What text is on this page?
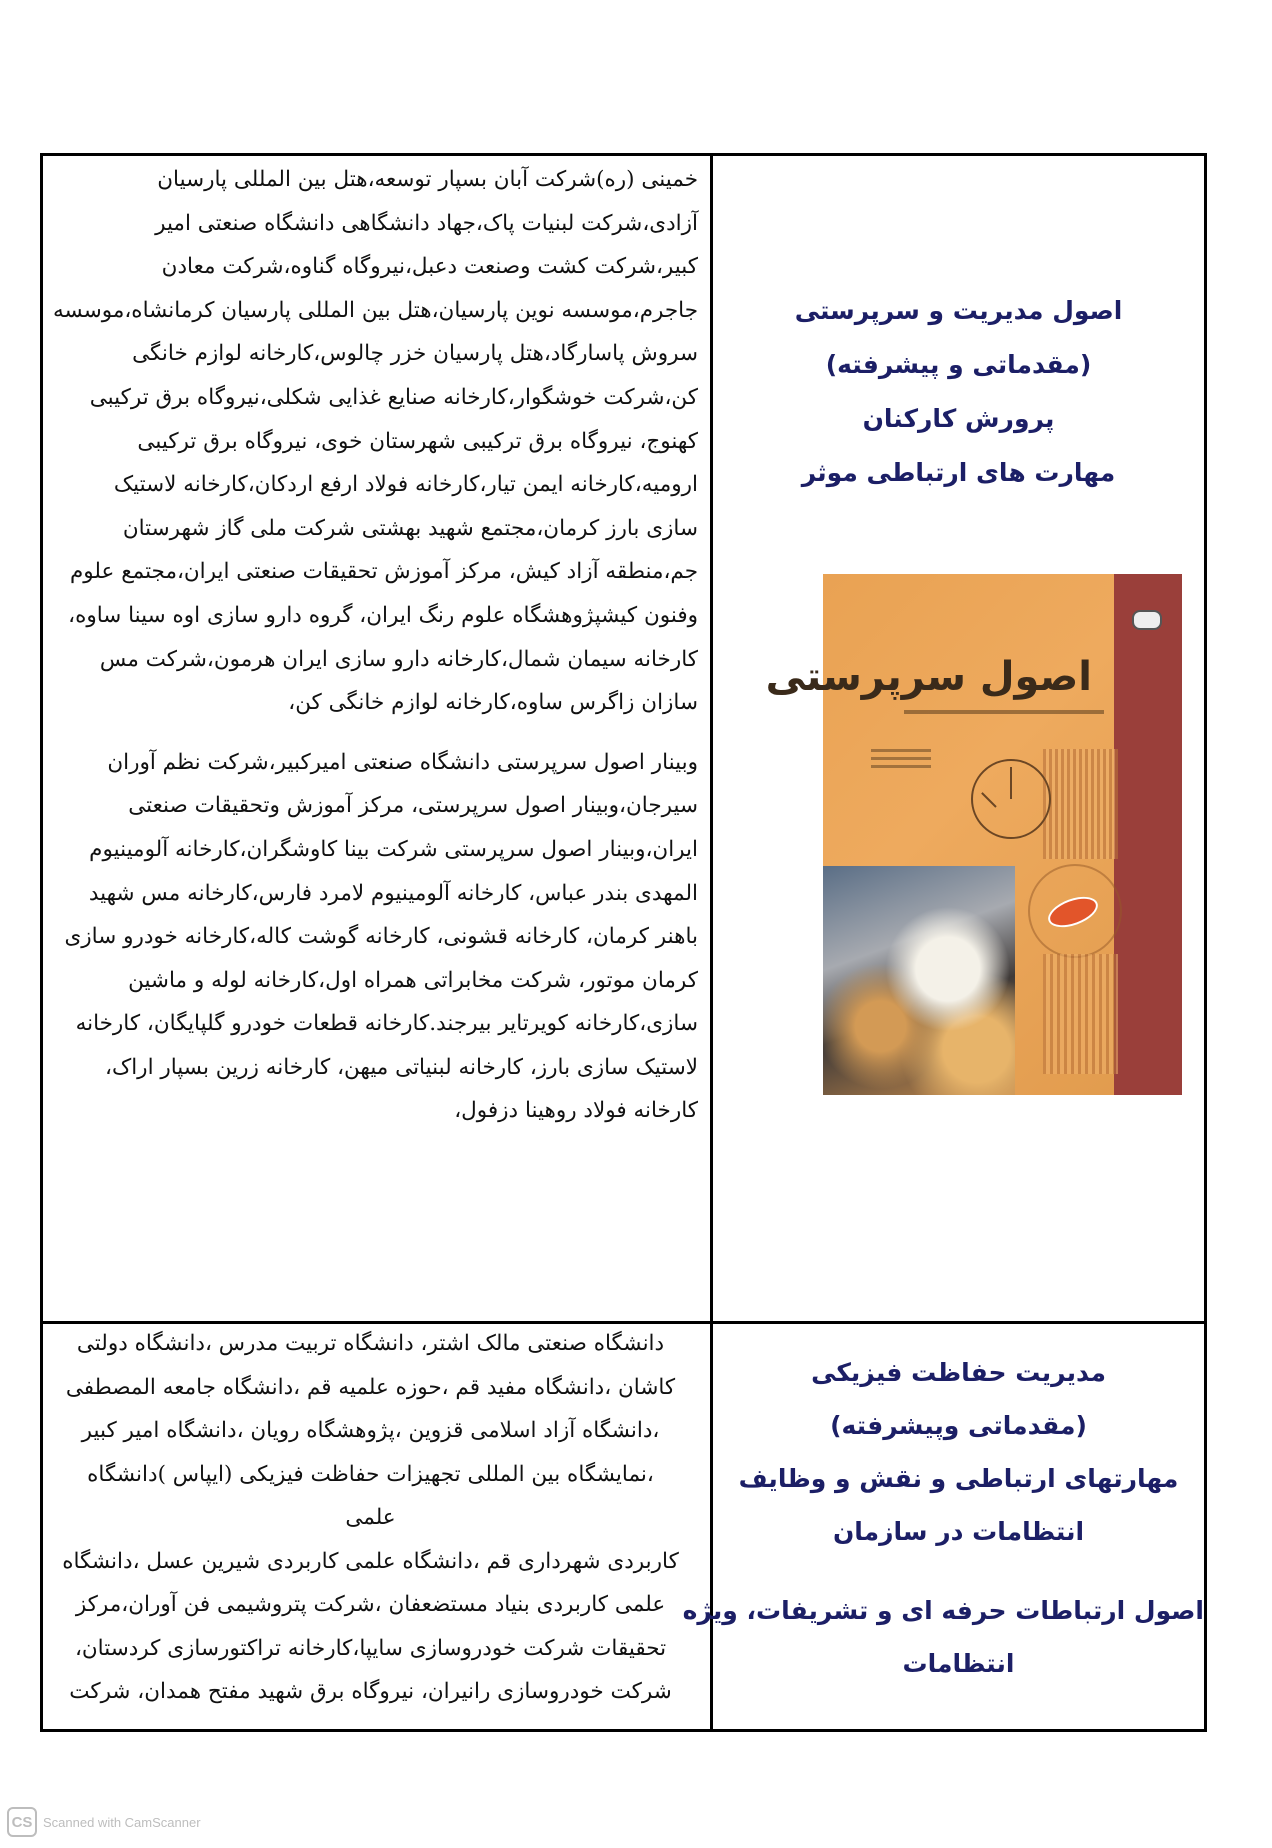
خمینی (ره)شرکت آبان بسپار توسعه،هتل بین المللی پارسیان

آزادی،شرکت لبنیات پاک،جهاد دانشگاهی دانشگاه صنعتی امیر

کبیر،شرکت کشت وصنعت دعبل،نیروگاه گناوه،شرکت معادن

جاجرم،موسسه نوین پارسیان،هتل بین المللی پارسیان کرمانشاه،موسسه

سروش پاسارگاد،هتل پارسیان خزر چالوس،کارخانه لوازم خانگی

کن،شرکت خوشگوار،کارخانه صنایع غذایی شکلی،نیروگاه برق ترکیبی

کهنوج، نیروگاه برق ترکیبی شهرستان خوی، نیروگاه برق ترکیبی

ارومیه،کارخانه ایمن تیار،کارخانه فولاد ارفع اردکان،کارخانه لاستیک

سازی بارز کرمان،مجتمع شهید بهشتی شرکت ملی گاز شهرستان

جم،منطقه آزاد کیش، مرکز آموزش تحقیقات صنعتی ایران،مجتمع علوم

وفنون کیشپژوهشگاه علوم رنگ ایران، گروه دارو سازی اوه سینا ساوه،

کارخانه سیمان شمال،کارخانه دارو سازی ایران هرمون،شرکت مس

سازان زاگرس ساوه،کارخانه لوازم خانگی کن،

وبینار اصول سرپرستی دانشگاه صنعتی امیرکبیر،شرکت نظم آوران

سیرجان،وبینار اصول سرپرستی، مرکز آموزش وتحقیقات صنعتی

ایران،وبینار اصول سرپرستی شرکت بینا کاوشگران،کارخانه آلومینیوم

المهدی بندر عباس، کارخانه آلومینیوم لامرد فارس،کارخانه مس شهید

باهنر کرمان، کارخانه قشونی، کارخانه گوشت کاله،کارخانه خودرو سازی

کرمان موتور، شرکت مخابراتی همراه اول،کارخانه لوله و ماشین

سازی،کارخانه کویرتایر بیرجند.کارخانه قطعات خودرو گلپایگان، کارخانه

لاستیک سازی بارز، کارخانه لبنیاتی میهن، کارخانه زرین بسپار اراک،

کارخانه فولاد روهینا دزفول،

اصول مدیریت و سرپرستی

(مقدماتی و پیشرفته)

پرورش کارکنان

مهارت های ارتباطی موثر

اصول سرپرستی

دانشگاه صنعتی مالک اشتر، دانشگاه تربیت مدرس ،دانشگاه دولتی

کاشان ،دانشگاه مفید قم ،حوزه علمیه قم ،دانشگاه جامعه المصطفی

،دانشگاه آزاد اسلامی قزوین ،پژوهشگاه رویان ،دانشگاه امیر کبیر

،نمایشگاه بین المللی تجهیزات حفاظت فیزیکی (ایپاس )دانشگاه علمی

کاربردی شهرداری قم ،دانشگاه علمی کاربردی شیرین عسل ،دانشگاه

علمی کاربردی بنیاد مستضعفان ،شرکت پتروشیمی فن آوران،مرکز

تحقیقات شرکت خودروسازی سایپا،کارخانه تراکتورسازی کردستان،

شرکت خودروسازی رانیران، نیروگاه برق شهید مفتح همدان، شرکت

مدیریت حفاظت فیزیکی

(مقدماتی وپیشرفته)

مهارتهای ارتباطی و نقش و وظایف

انتظامات در سازمان

اصول ارتباطات حرفه ای و تشریفات، ویژه

انتظامات

CS Scanned with CamScanner
